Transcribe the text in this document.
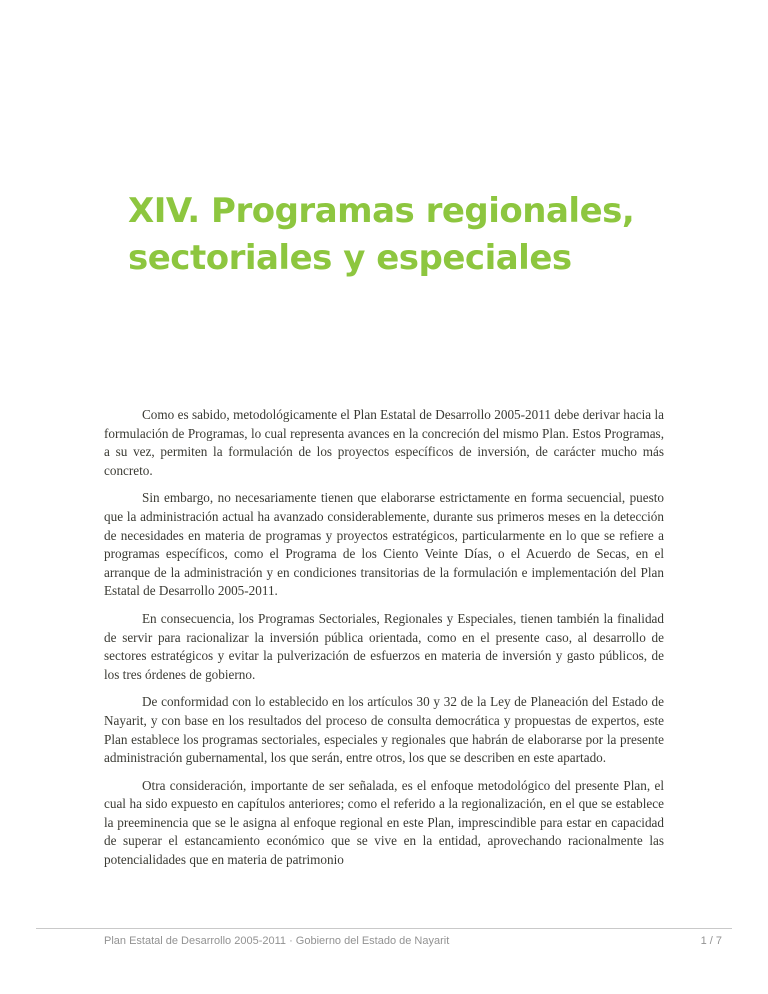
XIV. Programas regionales,
sectoriales y especiales

Como es sabido, metodológicamente el Plan Estatal de Desarrollo 2005-2011 debe derivar hacia la formulación de Programas, lo cual representa avances en la concreción del mismo Plan. Estos Programas, a su vez, permiten la formulación de los proyectos específicos de inversión, de carácter mucho más concreto.

Sin embargo, no necesariamente tienen que elaborarse estrictamente en forma secuencial, puesto que la administración actual ha avanzado considerablemente, durante sus primeros meses en la detección de necesidades en materia de programas y proyectos estratégicos, particularmente en lo que se refiere a programas específicos, como el Programa de los Ciento Veinte Días, o el Acuerdo de Secas, en el arranque de la administración y en condiciones transitorias de la formulación e implementación del Plan Estatal de Desarrollo 2005-2011.

En consecuencia, los Programas Sectoriales, Regionales y Especiales, tienen también la finalidad de servir para racionalizar la inversión pública orientada, como en el presente caso, al desarrollo de sectores estratégicos y evitar la pulverización de esfuerzos en materia de inversión y gasto públicos, de los tres órdenes de gobierno.

De conformidad con lo establecido en los artículos 30 y 32 de la Ley de Planeación del Estado de Nayarit, y con base en los resultados del proceso de consulta democrática y propuestas de expertos, este Plan establece los programas sectoriales, especiales y regionales que habrán de elaborarse por la presente administración gubernamental, los que serán, entre otros, los que se describen en este apartado.

Otra consideración, importante de ser señalada, es el enfoque metodológico del presente Plan, el cual ha sido expuesto en capítulos anteriores; como el referido a la regionalización, en el que se establece la preeminencia que se le asigna al enfoque regional en este Plan, imprescindible para estar en capacidad de superar el estancamiento económico que se vive en la entidad, aprovechando racionalmente las potencialidades que en materia de patrimonio

Plan Estatal de Desarrollo 2005-2011 · Gobierno del Estado de Nayarit	1 / 7
